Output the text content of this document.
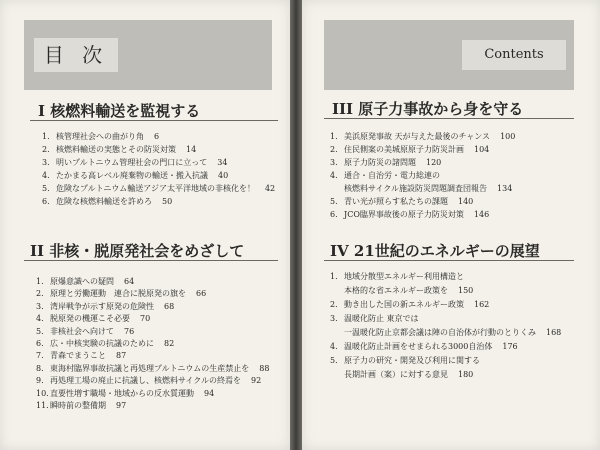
目 次
I 核燃料輸送を監視する
1. 核管理社会への曲がり角 6
2. 核燃料輸送の実態とその防災対策 14
3. 明いプルトニウム管理社会の門口に立って 34
4. たかまる高レベル廃棄物の輸送・搬入抗議 40
5. 危険なプルトニウム輸送アジア太平洋地域の非核化を！ 42
6. 危険な核燃料輸送を許めろ 50
II 非核・脱原発社会をめざして
1. 原爆意識への疑問 64
2. 原理と労働運動　連合に脱原発の旗を 66
3. 湾岸戦争が示す原発の危険性 68
4. 脱原発の機運こそ必要 70
5. 非核社会へ向けて 76
6. 広・中核実験の抗議のために 82
7. 青森でまうこと 87
8. 東海村臨界事故抗議と再処理プルトニウムの生産禁止を 88
9. 再処理工場の廃止に抗議し、核燃料サイクルの終焉を 92
10. 直要性増す職場・地域からの反水質運動 94
11. 瞬時前の整備期 97
Contents
III 原子力事故から身を守る
1. 美浜原発事故 天が与えた最後のチャンス 100
2. 住民側案の美城原原子力防災計画 104
3. 原子力防災の諸問題 120
4. 通合・自治労・電力総連の
核燃料サイクル施設防災問題調査団報告 134
5. 青い光が照らす私たちの課題 140
6. JCO臨界事故後の原子力防災対策 146
IV 21世紀のエネルギーの展望
1. 地域分散型エネルギー利用構造と
本格的な省エネルギー政策を 150
2. 動き出した国の新エネルギー政策 162
3. 温暖化防止 東京では
一温暖化防止京都会議は陣の自治体が行動のとりくみ 168
4. 温暖化防止計画をせまられる3000自治体 176
5. 原子力の研究・開発及び利用に関する
長期計画（案）に対する意見 180
